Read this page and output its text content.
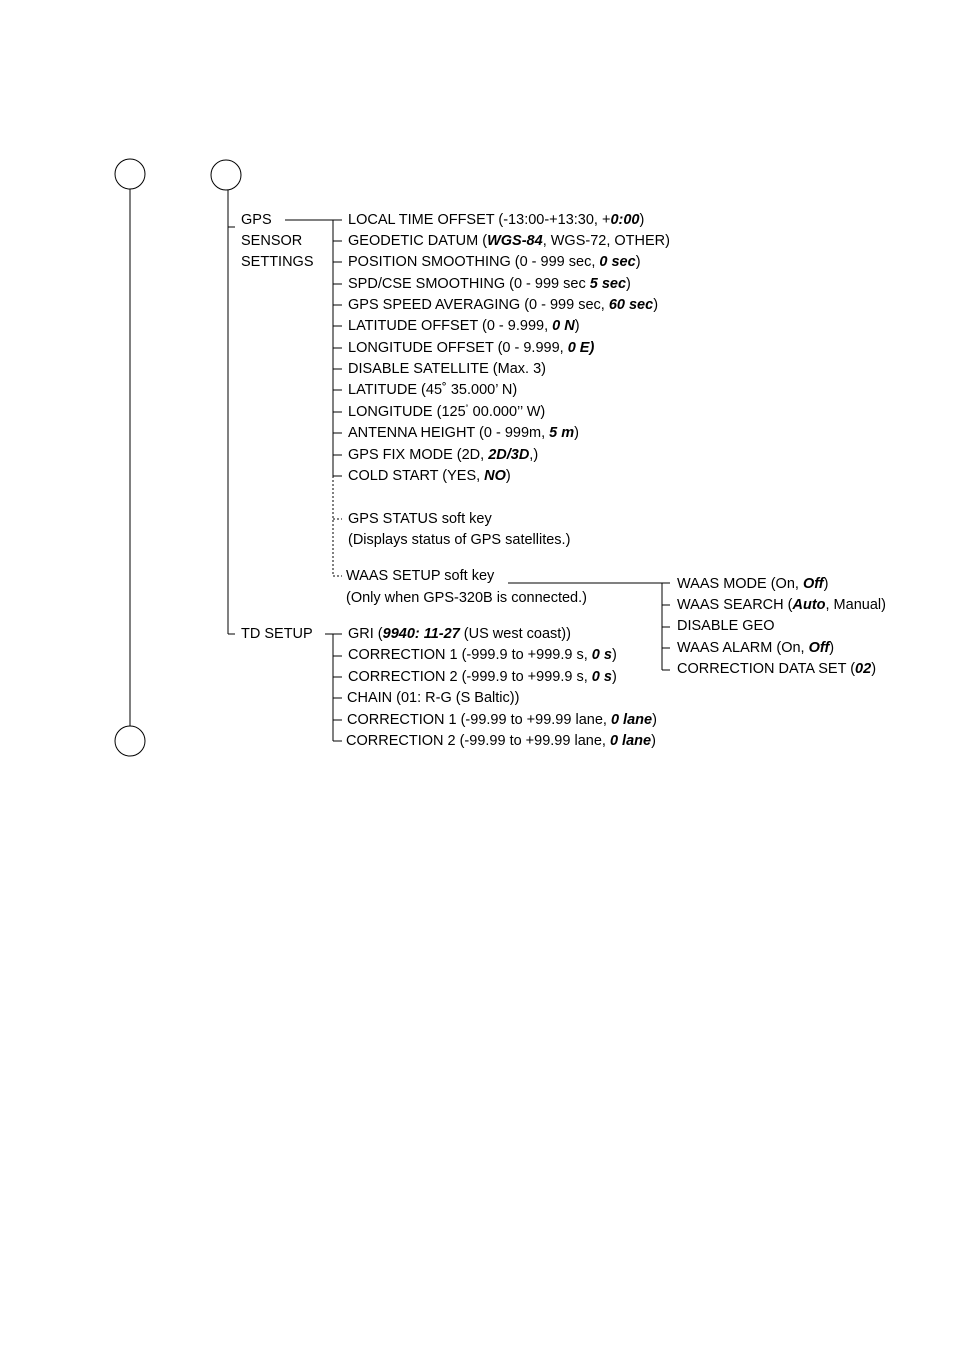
GPS
SENSOR
SETTINGS
LOCAL TIME OFFSET (-13:00-+13:30, +0:00)
GEODETIC DATUM (WGS-84, WGS-72, OTHER)
POSITION SMOOTHING (0 - 999 sec, 0 sec)
SPD/CSE SMOOTHING (0 - 999 sec 5 sec)
GPS SPEED AVERAGING (0 - 999 sec, 60 sec)
LATITUDE OFFSET (0 - 9.999, 0 N)
LONGITUDE OFFSET (0 - 9.999, 0 E)
DISABLE SATELLITE (Max. 3)
LATITUDE (45˚ 35.000’ N)
LONGITUDE (125˚ 00.000’’ W)
ANTENNA HEIGHT (0 - 999m, 5 m)
GPS FIX MODE (2D, 2D/3D,)
COLD START (YES, NO)
GPS STATUS soft key
(Displays status of GPS satellites.)
WAAS SETUP soft key
(Only when GPS-320B is connected.)
WAAS MODE (On, Off)
WAAS SEARCH (Auto, Manual)
DISABLE GEO
WAAS ALARM (On, Off)
CORRECTION DATA SET (02)
TD SETUP GRI (9940: 11-27 (US west coast))
CORRECTION 1 (-999.9 to +999.9 s, 0 s)
CORRECTION 2 (-999.9 to +999.9 s, 0 s)
CHAIN (01: R-G (S Baltic))
CORRECTION 1 (-99.99 to +99.99 lane, 0 lane)
CORRECTION 2 (-99.99 to +99.99 lane, 0 lane)
